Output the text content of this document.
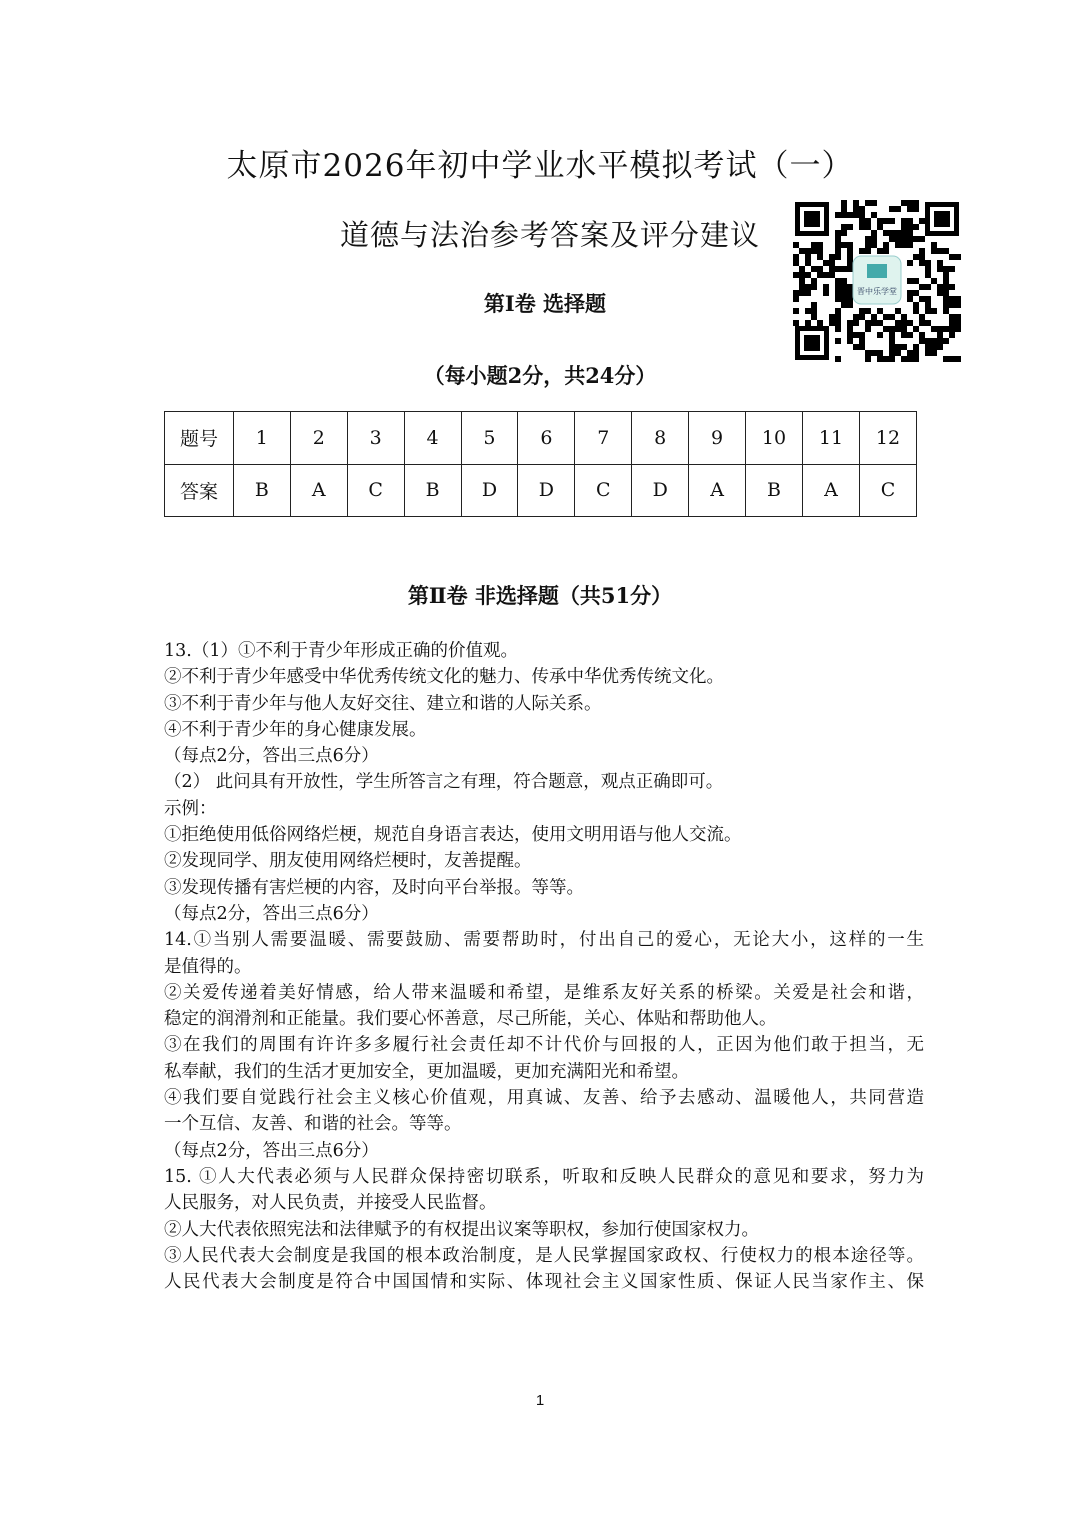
太原市2026年初中学业水平模拟考试（一）
道德与法治参考答案及评分建议
第Ⅰ卷 选择题
（每小题2分，共24分）
晋中乐学堂
题号	1	2	3	4	5	6	7	8	9	10	11	12
答案	B	A	C	B	D	D	C	D	A	B	A	C
第Ⅱ卷 非选择题（共51分）
13.（1）①不利于青少年形成正确的价值观。
②不利于青少年感受中华优秀传统文化的魅力、传承中华优秀传统文化。
③不利于青少年与他人友好交往、建立和谐的人际关系。
④不利于青少年的身心健康发展。
（每点2分，答出三点6分）
（2） 此问具有开放性，学生所答言之有理，符合题意，观点正确即可。
示例：
①拒绝使用低俗网络烂梗，规范自身语言表达，使用文明用语与他人交流。
②发现同学、朋友使用网络烂梗时，友善提醒。
③发现传播有害烂梗的内容，及时向平台举报。等等。
（每点2分，答出三点6分）
14.①当别人需要温暖、需要鼓励、需要帮助时，付出自己的爱心，无论大小，这样的一生
是值得的。
②关爱传递着美好情感，给人带来温暖和希望，是维系友好关系的桥梁。关爱是社会和谐，
稳定的润滑剂和正能量。我们要心怀善意，尽己所能，关心、体贴和帮助他人。
③在我们的周围有许许多多履行社会责任却不计代价与回报的人，正因为他们敢于担当，无
私奉献，我们的生活才更加安全，更加温暖，更加充满阳光和希望。
④我们要自觉践行社会主义核心价值观，用真诚、友善、给予去感动、温暖他人，共同营造
一个互信、友善、和谐的社会。等等。
（每点2分，答出三点6分）
15. ①人大代表必须与人民群众保持密切联系，听取和反映人民群众的意见和要求，努力为
人民服务，对人民负责，并接受人民监督。
②人大代表依照宪法和法律赋予的有权提出议案等职权，参加行使国家权力。
③人民代表大会制度是我国的根本政治制度，是人民掌握国家政权、行使权力的根本途径等。
人民代表大会制度是符合中国国情和实际、体现社会主义国家性质、保证人民当家作主、保
1
